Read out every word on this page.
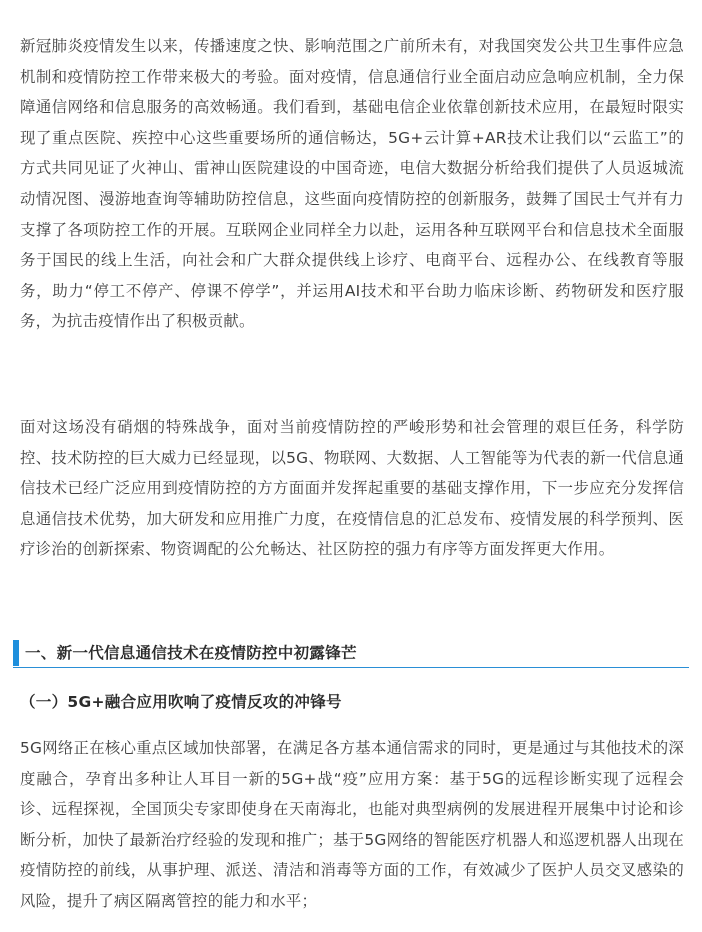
新冠肺炎疫情发生以来，传播速度之快、影响范围之广前所未有，对我国突发公共卫生事件应急机制和疫情防控工作带来极大的考验。面对疫情，信息通信行业全面启动应急响应机制，全力保障通信网络和信息服务的高效畅通。我们看到，基础电信企业依靠创新技术应用，在最短时限实现了重点医院、疾控中心这些重要场所的通信畅达，5G+云计算+AR技术让我们以“云监工”的方式共同见证了火神山、雷神山医院建设的中国奇迹，电信大数据分析给我们提供了人员返城流动情况图、漫游地查询等辅助防控信息，这些面向疫情防控的创新服务，鼓舞了国民士气并有力支撑了各项防控工作的开展。互联网企业同样全力以赴，运用各种互联网平台和信息技术全面服务于国民的线上生活，向社会和广大群众提供线上诊疗、电商平台、远程办公、在线教育等服务，助力“停工不停产、停课不停学”，并运用AI技术和平台助力临床诊断、药物研发和医疗服务，为抗击疫情作出了积极贡献。

面对这场没有硝烟的特殊战争，面对当前疫情防控的严峻形势和社会管理的艰巨任务，科学防控、技术防控的巨大威力已经显现，以5G、物联网、大数据、人工智能等为代表的新一代信息通信技术已经广泛应用到疫情防控的方方面面并发挥起重要的基础支撑作用，下一步应充分发挥信息通信技术优势，加大研发和应用推广力度，在疫情信息的汇总发布、疫情发展的科学预判、医疗诊治的创新探索、物资调配的公允畅达、社区防控的强力有序等方面发挥更大作用。

一、新一代信息通信技术在疫情防控中初露锋芒
（一）5G+融合应用吹响了疫情反攻的冲锋号

5G网络正在核心重点区域加快部署，在满足各方基本通信需求的同时，更是通过与其他技术的深度融合，孕育出多种让人耳目一新的5G+战“疫”应用方案：基于5G的远程诊断实现了远程会诊、远程探视，全国顶尖专家即使身在天南海北，也能对典型病例的发展进程开展集中讨论和诊断分析，加快了最新治疗经验的发现和推广；基于5G网络的智能医疗机器人和巡逻机器人出现在疫情防控的前线，从事护理、派送、清洁和消毒等方面的工作，有效减少了医护人员交叉感染的风险，提升了病区隔离管控的能力和水平；
